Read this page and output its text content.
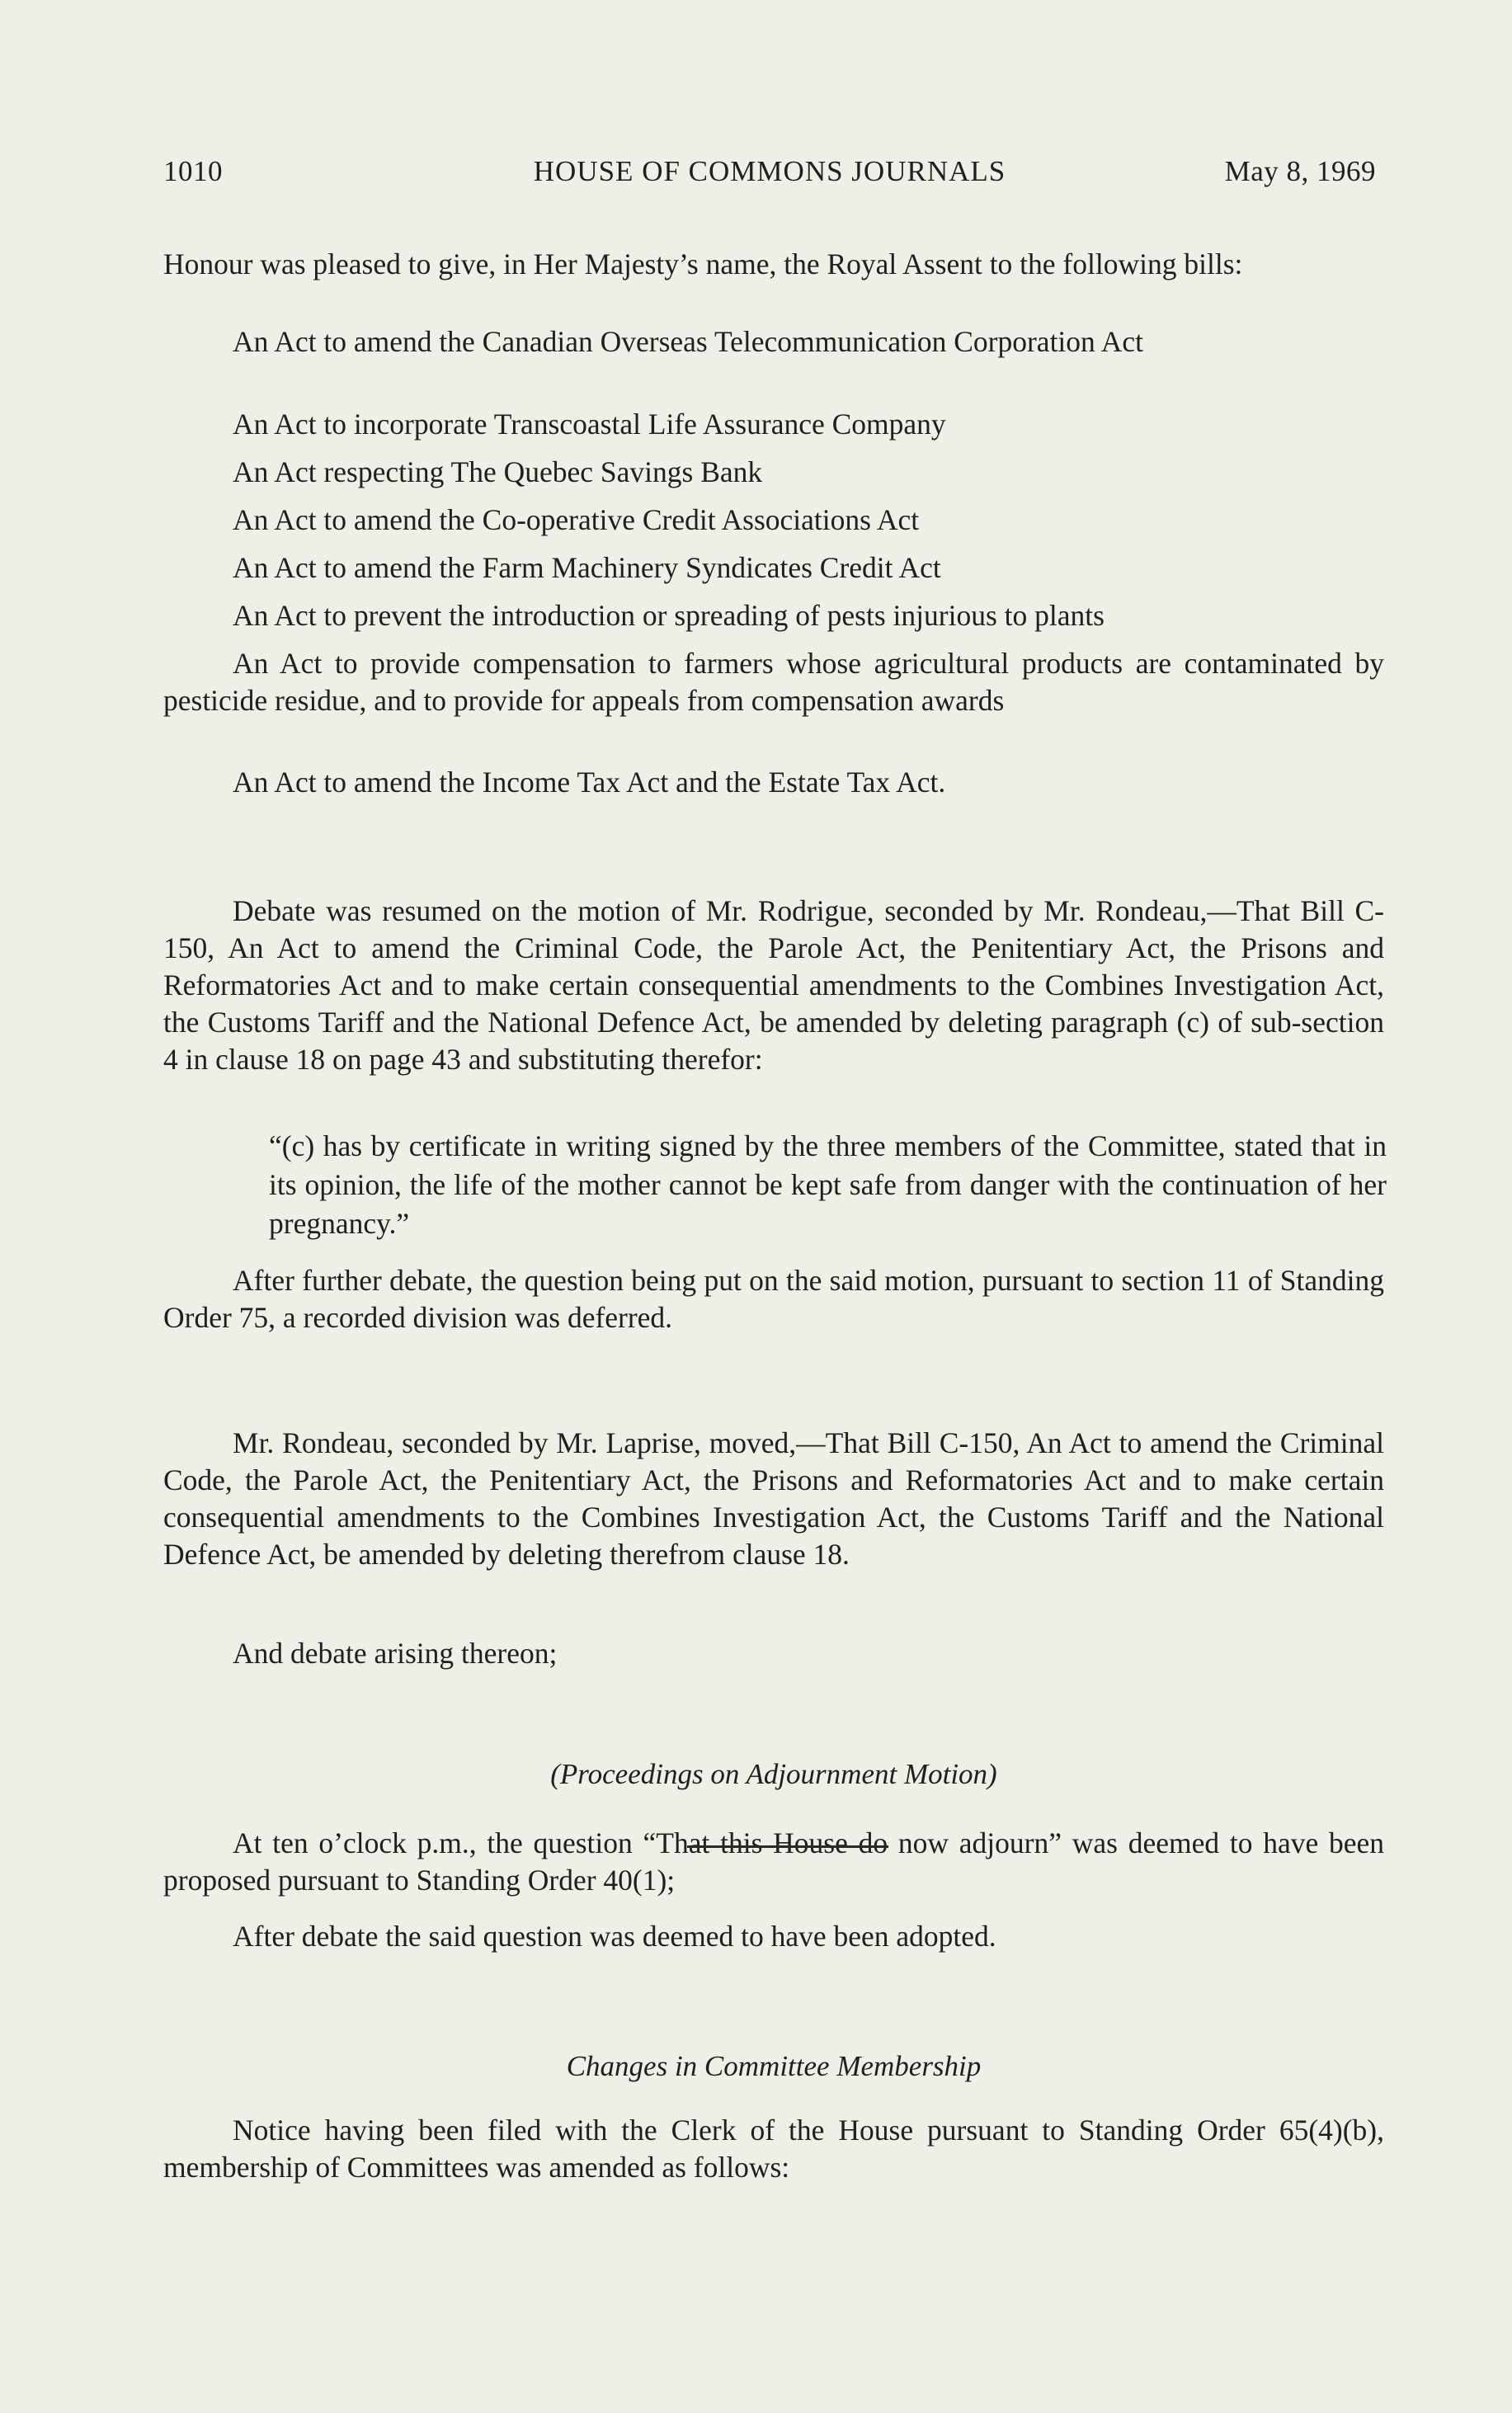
1010	HOUSE OF COMMONS JOURNALS	May 8, 1969

Honour was pleased to give, in Her Majesty’s name, the Royal Assent to the following bills:

An Act to amend the Canadian Overseas Telecommunication Corporation Act

An Act to incorporate Transcoastal Life Assurance Company

An Act respecting The Quebec Savings Bank

An Act to amend the Co-operative Credit Associations Act

An Act to amend the Farm Machinery Syndicates Credit Act

An Act to prevent the introduction or spreading of pests injurious to plants

An Act to provide compensation to farmers whose agricultural products are contaminated by pesticide residue, and to provide for appeals from compensation awards

An Act to amend the Income Tax Act and the Estate Tax Act.

Debate was resumed on the motion of Mr. Rodrigue, seconded by Mr. Rondeau,—That Bill C-150, An Act to amend the Criminal Code, the Parole Act, the Penitentiary Act, the Prisons and Reformatories Act and to make certain consequential amendments to the Combines Investigation Act, the Customs Tariff and the National Defence Act, be amended by deleting paragraph (c) of sub-section 4 in clause 18 on page 43 and substituting therefor:

“(c) has by certificate in writing signed by the three members of the Committee, stated that in its opinion, the life of the mother cannot be kept safe from danger with the continuation of her pregnancy.”

After further debate, the question being put on the said motion, pursuant to section 11 of Standing Order 75, a recorded division was deferred.

Mr. Rondeau, seconded by Mr. Laprise, moved,—That Bill C-150, An Act to amend the Criminal Code, the Parole Act, the Penitentiary Act, the Prisons and Reformatories Act and to make certain consequential amendments to the Combines Investigation Act, the Customs Tariff and the National Defence Act, be amended by deleting therefrom clause 18.

And debate arising thereon;

(Proceedings on Adjournment Motion)

At ten o’clock p.m., the question “That this House do now adjourn” was deemed to have been proposed pursuant to Standing Order 40(1);

After debate the said question was deemed to have been adopted.

Changes in Committee Membership

Notice having been filed with the Clerk of the House pursuant to Standing Order 65(4)(b), membership of Committees was amended as follows:
